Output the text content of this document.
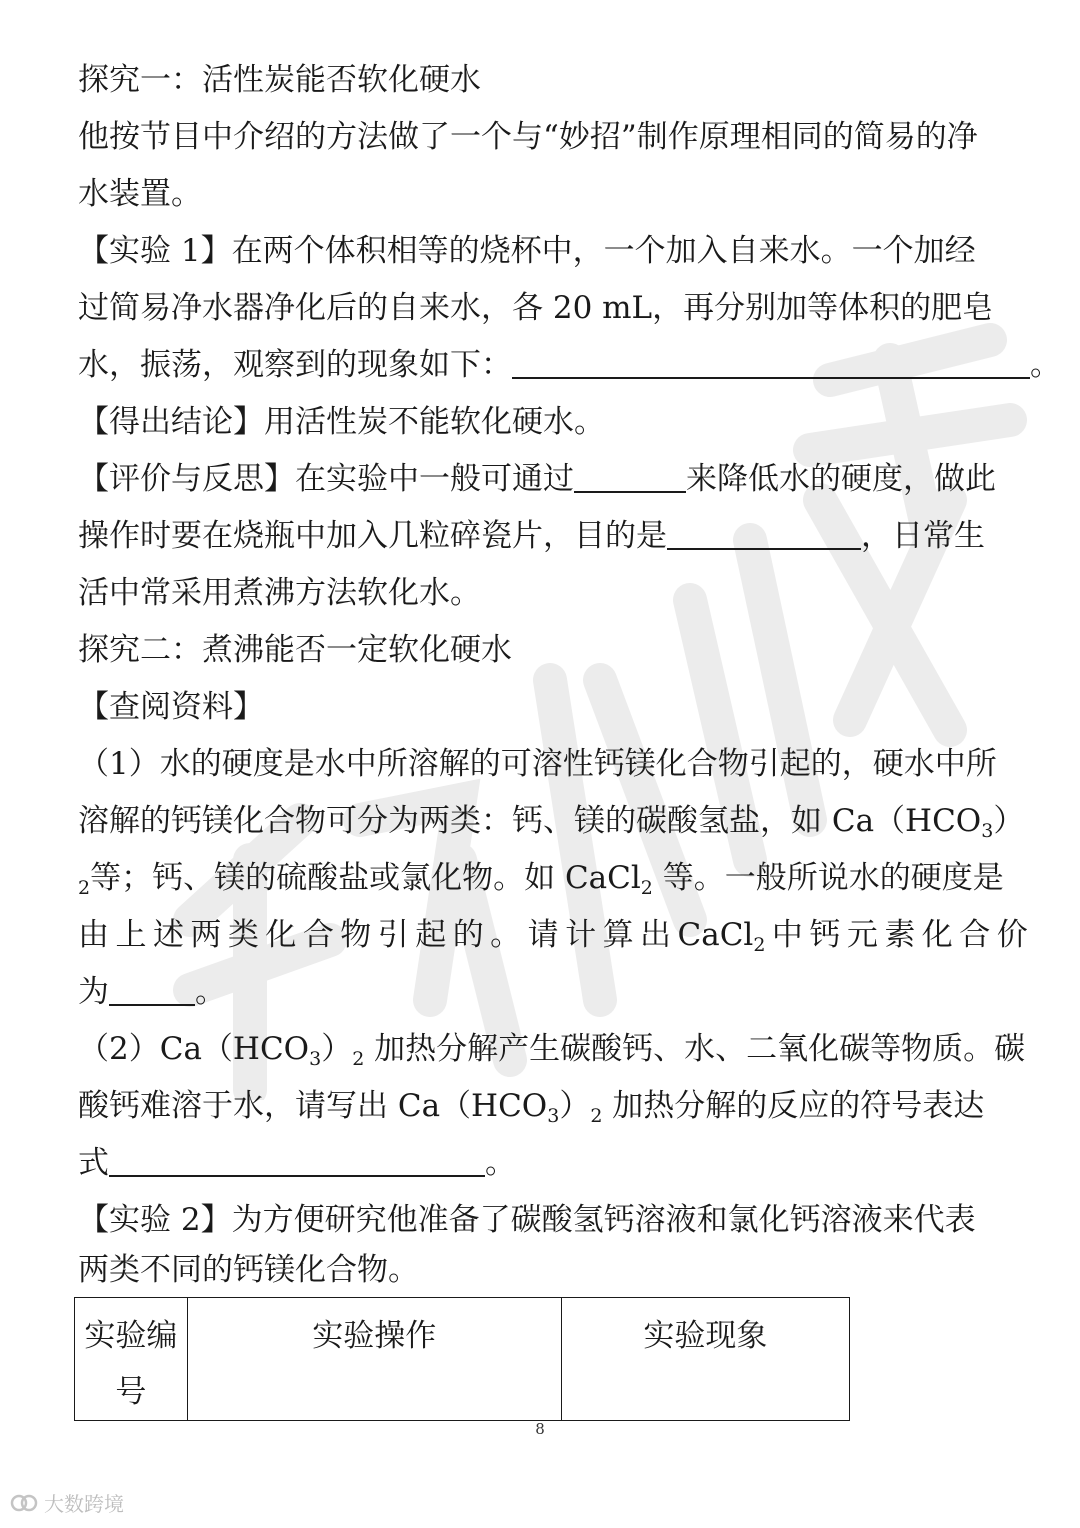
探究一：活性炭能否软化硬水
他按节目中介绍的方法做了一个与“妙招”制作原理相同的简易的净
水装置。
【实验 1】在两个体积相等的烧杯中，一个加入自来水。一个加经
过简易净水器净化后的自来水，各 20 mL，再分别加等体积的肥皂
水，振荡，观察到的现象如下：	。
【得出结论】用活性炭不能软化硬水。
【评价与反思】在实验中一般可通过	来降低水的硬度，做此
操作时要在烧瓶中加入几粒碎瓷片，目的是	，日常生
活中常采用煮沸方法软化水。
探究二：煮沸能否一定软化硬水
【查阅资料】
（1）水的硬度是水中所溶解的可溶性钙镁化合物引起的，硬水中所
溶解的钙镁化合物可分为两类：钙、镁的碳酸氢盐，如 $Ca(HCO_3)$
$_2$等；钙、镁的硫酸盐或氯化物。如 CaCl$_2$ 等。一般所说水的硬度是
由 上 述 两 类 化 合 物 引 起 的 。 请 计 算 出 CaCl$_2$ 中 钙 元 素 化 合 价
为	。
$(2)Ca(HCO_3)_2$ 加热分解产生碳酸钙、水、二氧化碳等物质。碳
酸钙难溶于水，请写出 $Ca(HCO_3)_2$ 加热分解的反应的符号表达
式	。
【实验 2】为方便研究他准备了碳酸氢钙溶液和氯化钙溶液来代表
两类不同的钙镁化合物。
实验编号	实验操作	实验现象
8
大数跨境
